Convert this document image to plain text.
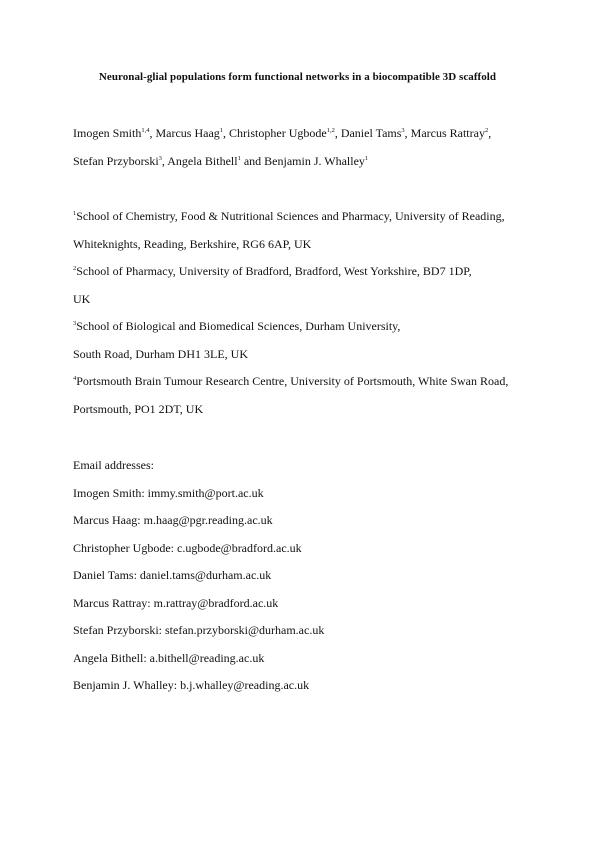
Neuronal-glial populations form functional networks in a biocompatible 3D scaffold
Imogen Smith$^{1,4}$, Marcus Haag$^1$, Christopher Ugbode$^{1,2}$, Daniel Tams$^3$, Marcus Rattray$^2$,
Stefan Przyborski$^3$, Angela Bithell$^1$ and Benjamin J. Whalley$^1$
$^1$School of Chemistry, Food & Nutritional Sciences and Pharmacy, University of Reading,
Whiteknights, Reading, Berkshire, RG6 6AP, UK
$^2$School of Pharmacy, University of Bradford, Bradford, West Yorkshire, BD7 1DP,
UK
$^3$School of Biological and Biomedical Sciences, Durham University,
South Road, Durham DH1 3LE, UK
$^4$Portsmouth Brain Tumour Research Centre, University of Portsmouth, White Swan Road,
Portsmouth, PO1 2DT, UK
Email addresses:
Imogen Smith: immy.smith@port.ac.uk
Marcus Haag: m.haag@pgr.reading.ac.uk
Christopher Ugbode: c.ugbode@bradford.ac.uk
Daniel Tams: daniel.tams@durham.ac.uk
Marcus Rattray: m.rattray@bradford.ac.uk
Stefan Przyborski: stefan.przyborski@durham.ac.uk
Angela Bithell: a.bithell@reading.ac.uk
Benjamin J. Whalley: b.j.whalley@reading.ac.uk
